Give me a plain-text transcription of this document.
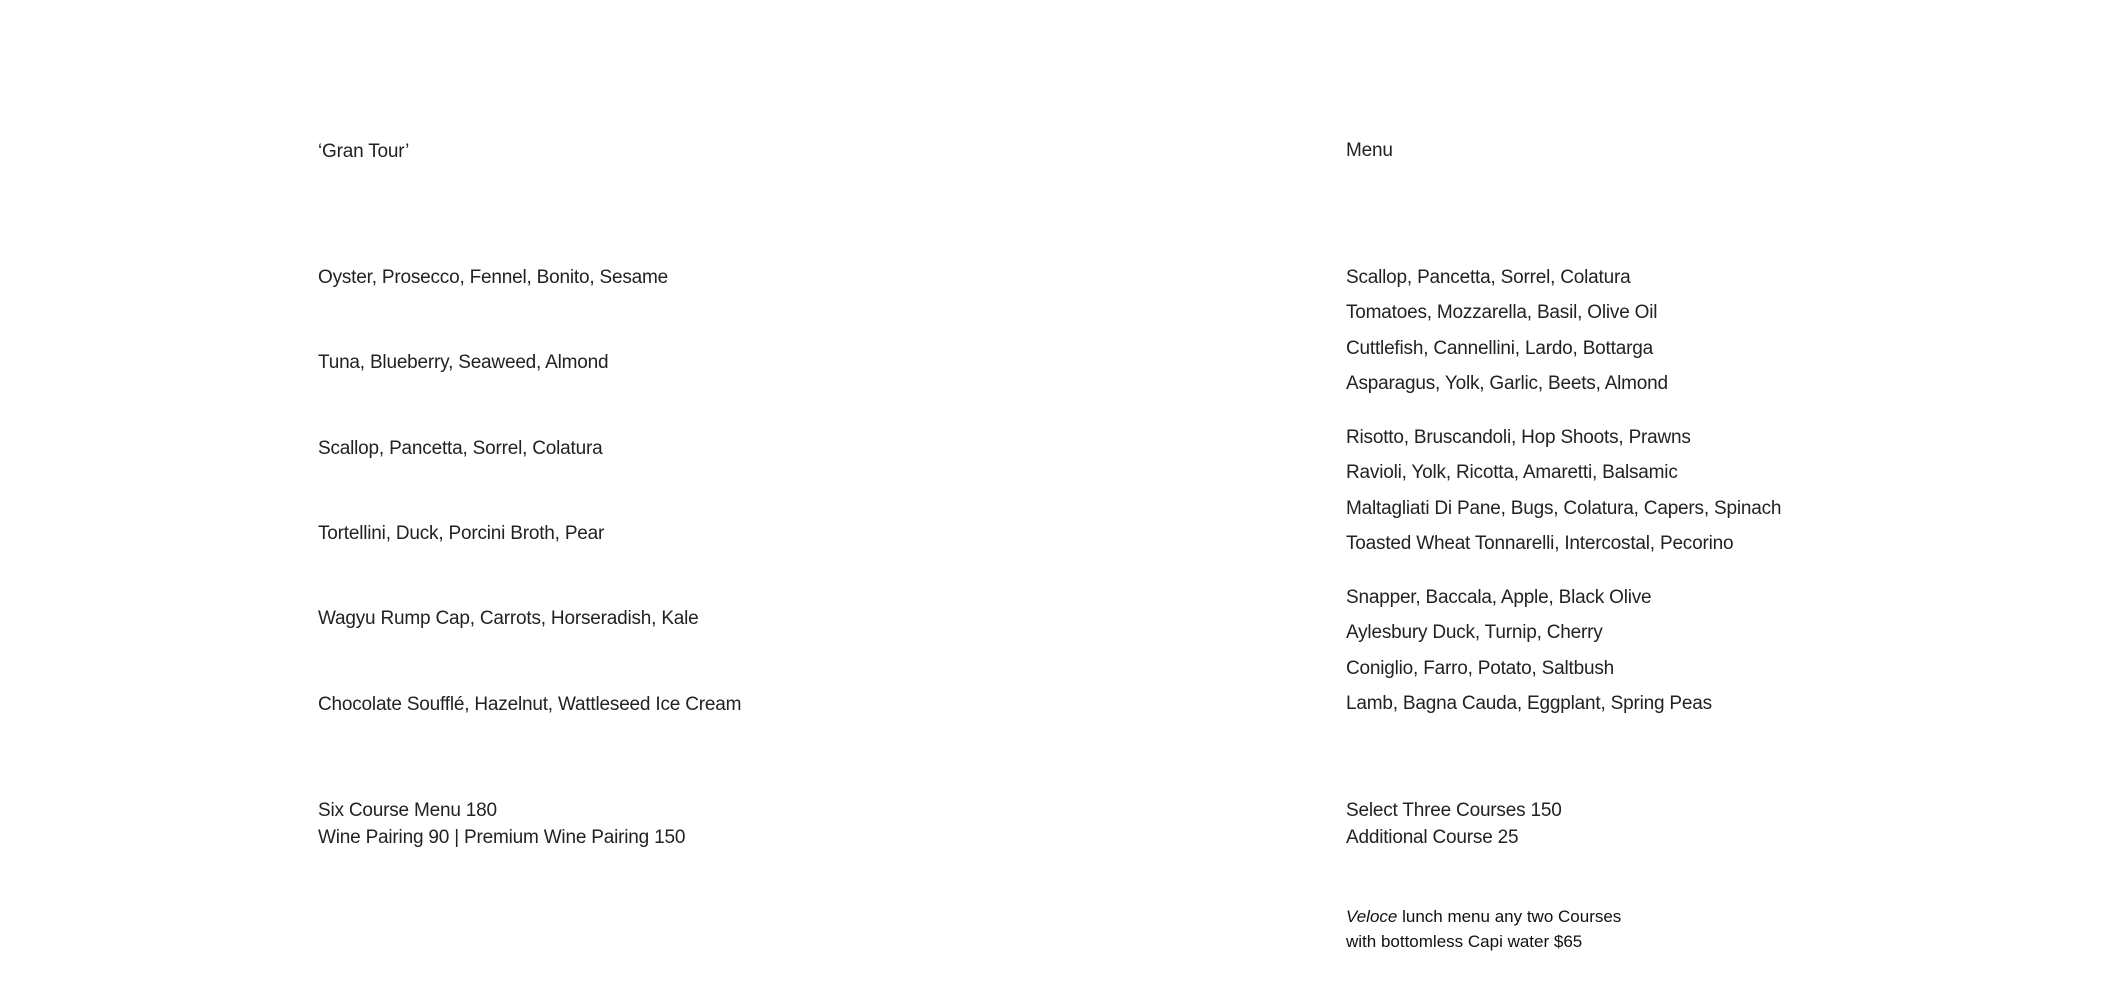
‘Gran Tour’
Oyster, Prosecco, Fennel, Bonito, Sesame
Tuna, Blueberry, Seaweed, Almond
Scallop, Pancetta, Sorrel, Colatura
Tortellini, Duck, Porcini Broth, Pear
Wagyu Rump Cap, Carrots, Horseradish, Kale
Chocolate Soufflé, Hazelnut, Wattleseed Ice Cream
Six Course Menu 180
Wine Pairing 90 | Premium Wine Pairing 150
Menu
Scallop, Pancetta, Sorrel, Colatura
Tomatoes, Mozzarella, Basil, Olive Oil
Cuttlefish, Cannellini, Lardo, Bottarga
Asparagus, Yolk, Garlic, Beets, Almond
Risotto, Bruscandoli, Hop Shoots, Prawns
Ravioli, Yolk, Ricotta, Amaretti, Balsamic
Maltagliati Di Pane, Bugs, Colatura, Capers, Spinach
Toasted Wheat Tonnarelli, Intercostal, Pecorino
Snapper, Baccala, Apple, Black Olive
Aylesbury Duck, Turnip, Cherry
Coniglio, Farro, Potato, Saltbush
Lamb, Bagna Cauda, Eggplant, Spring Peas
Select Three Courses 150
Additional Course 25
Veloce lunch menu any two Courses
with bottomless Capi water $65
